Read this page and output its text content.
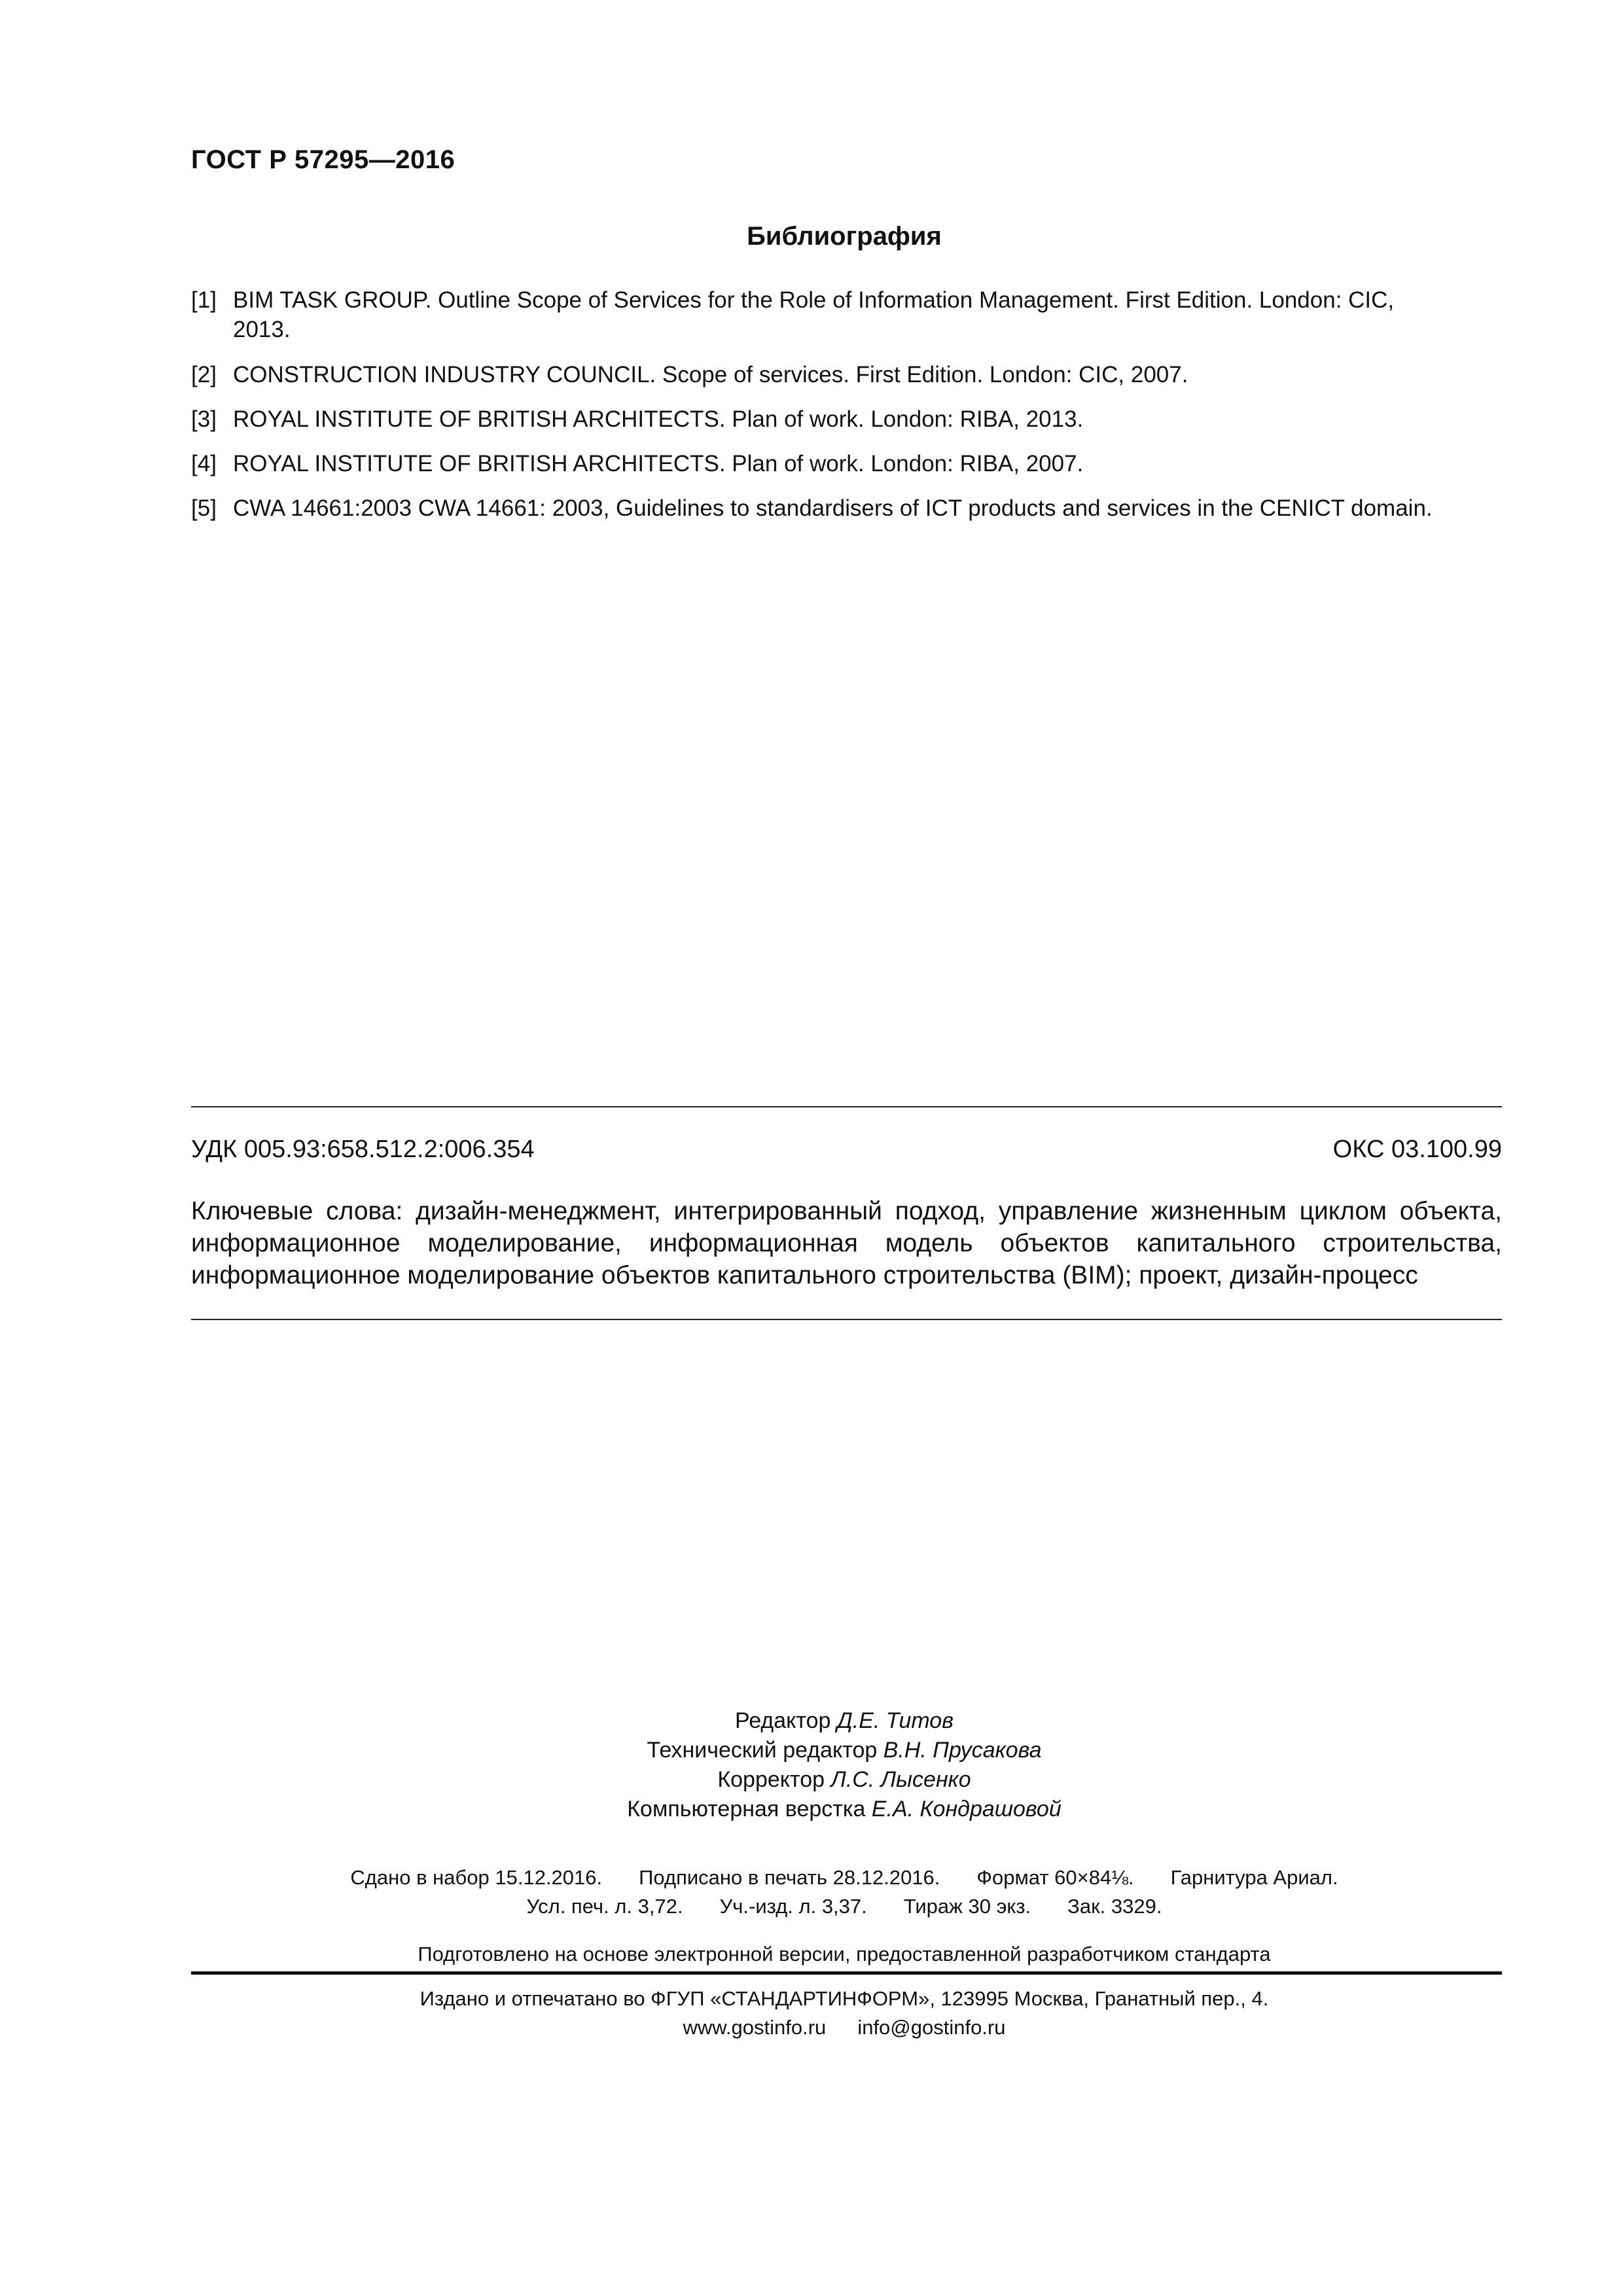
ГОСТ Р 57295—2016
Библиография
[1] BIM TASK GROUP. Outline Scope of Services for the Role of Information Management. First Edition. London: CIC, 2013.
[2] CONSTRUCTION INDUSTRY COUNCIL. Scope of services. First Edition. London: CIC, 2007.
[3] ROYAL INSTITUTE OF BRITISH ARCHITECTS. Plan of work. London: RIBA, 2013.
[4] ROYAL INSTITUTE OF BRITISH ARCHITECTS. Plan of work. London: RIBA, 2007.
[5] CWA 14661:2003 CWA 14661: 2003, Guidelines to standardisers of ICT products and services in the CENICT domain.
УДК 005.93:658.512.2:006.354	ОКС 03.100.99
Ключевые слова: дизайн-менеджмент, интегрированный подход, управление жизненным циклом объекта, информационное моделирование, информационная модель объектов капитального строительства, информационное моделирование объектов капитального строительства (BIM); проект, дизайн-процесс
Редактор Д.Е. Титов
Технический редактор В.Н. Прусакова
Корректор Л.С. Лысенко
Компьютерная верстка Е.А. Кондрашовой
Сдано в набор 15.12.2016. Подписано в печать 28.12.2016. Формат 60×84⅛. Гарнитура Ариал.
Усл. печ. л. 3,72. Уч.-изд. л. 3,37. Тираж 30 экз. Зак. 3329.
Подготовлено на основе электронной версии, предоставленной разработчиком стандарта
Издано и отпечатано во ФГУП «СТАНДАРТИНФОРМ», 123995 Москва, Гранатный пер., 4.
www.gostinfo.ru info@gostinfo.ru
